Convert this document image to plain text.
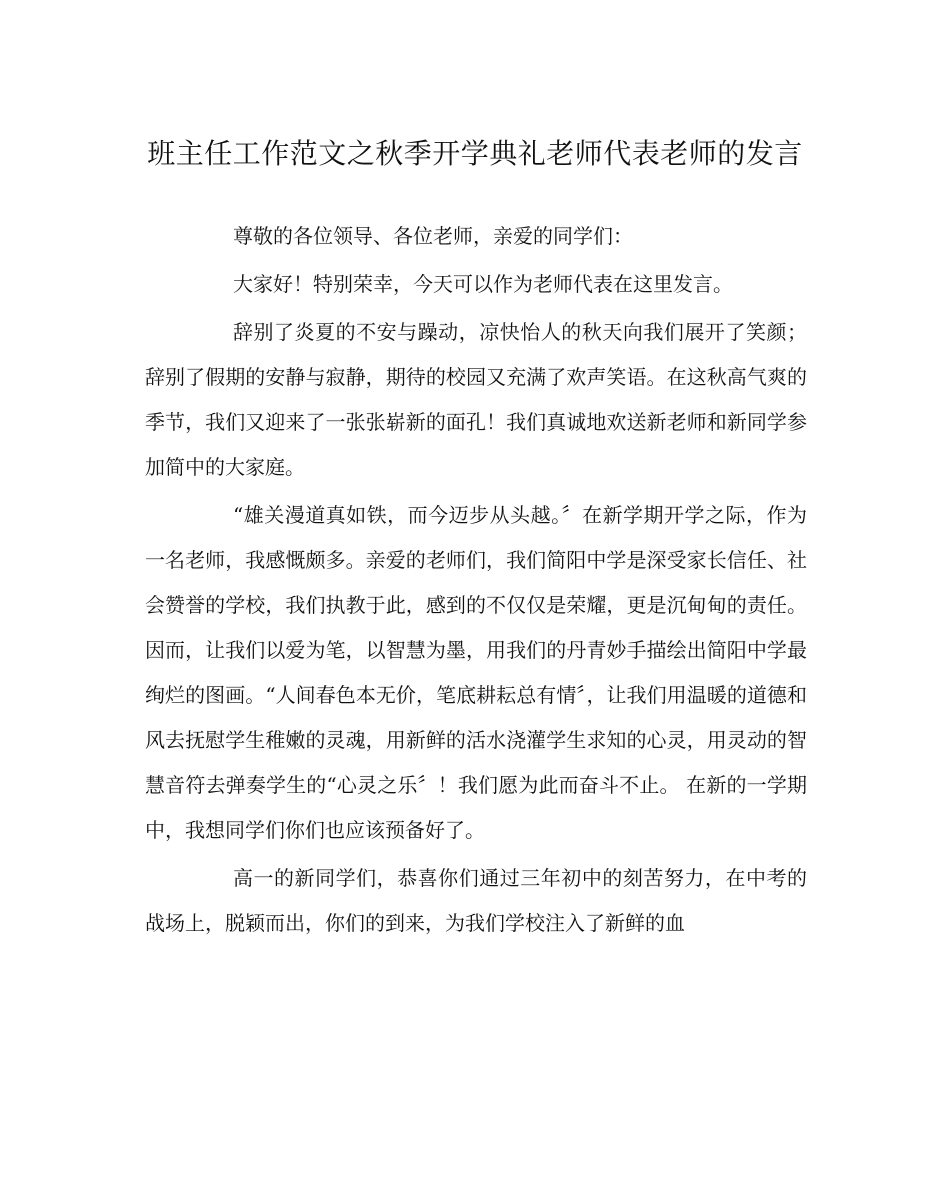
班主任工作范文之秋季开学典礼老师代表老师的发言

尊敬的各位领导、各位老师，亲爱的同学们：

大家好！特别荣幸，今天可以作为老师代表在这里发言。

辞别了炎夏的不安与躁动，凉快怡人的秋天向我们展开了笑颜；辞别了假期的安静与寂静，期待的校园又充满了欢声笑语。在这秋高气爽的季节，我们又迎来了一张张崭新的面孔！我们真诚地欢送新老师和新同学参加简中的大家庭。

“雄关漫道真如铁，而今迈步从头越。〞在新学期开学之际，作为一名老师，我感慨颇多。亲爱的老师们，我们简阳中学是深受家长信任、社会赞誉的学校，我们执教于此，感到的不仅仅是荣耀，更是沉甸甸的责任。因而，让我们以爱为笔，以智慧为墨，用我们的丹青妙手描绘出简阳中学最绚烂的图画。“人间春色本无价，笔底耕耘总有情〞，让我们用温暖的道德和风去抚慰学生稚嫩的灵魂，用新鲜的活水浇灌学生求知的心灵，用灵动的智慧音符去弹奏学生的“心灵之乐〞！我们愿为此而奋斗不止。 在新的一学期中，我想同学们你们也应该预备好了。

高一的新同学们，恭喜你们通过三年初中的刻苦努力，在中考的战场上，脱颖而出，你们的到来，为我们学校注入了新鲜的血
